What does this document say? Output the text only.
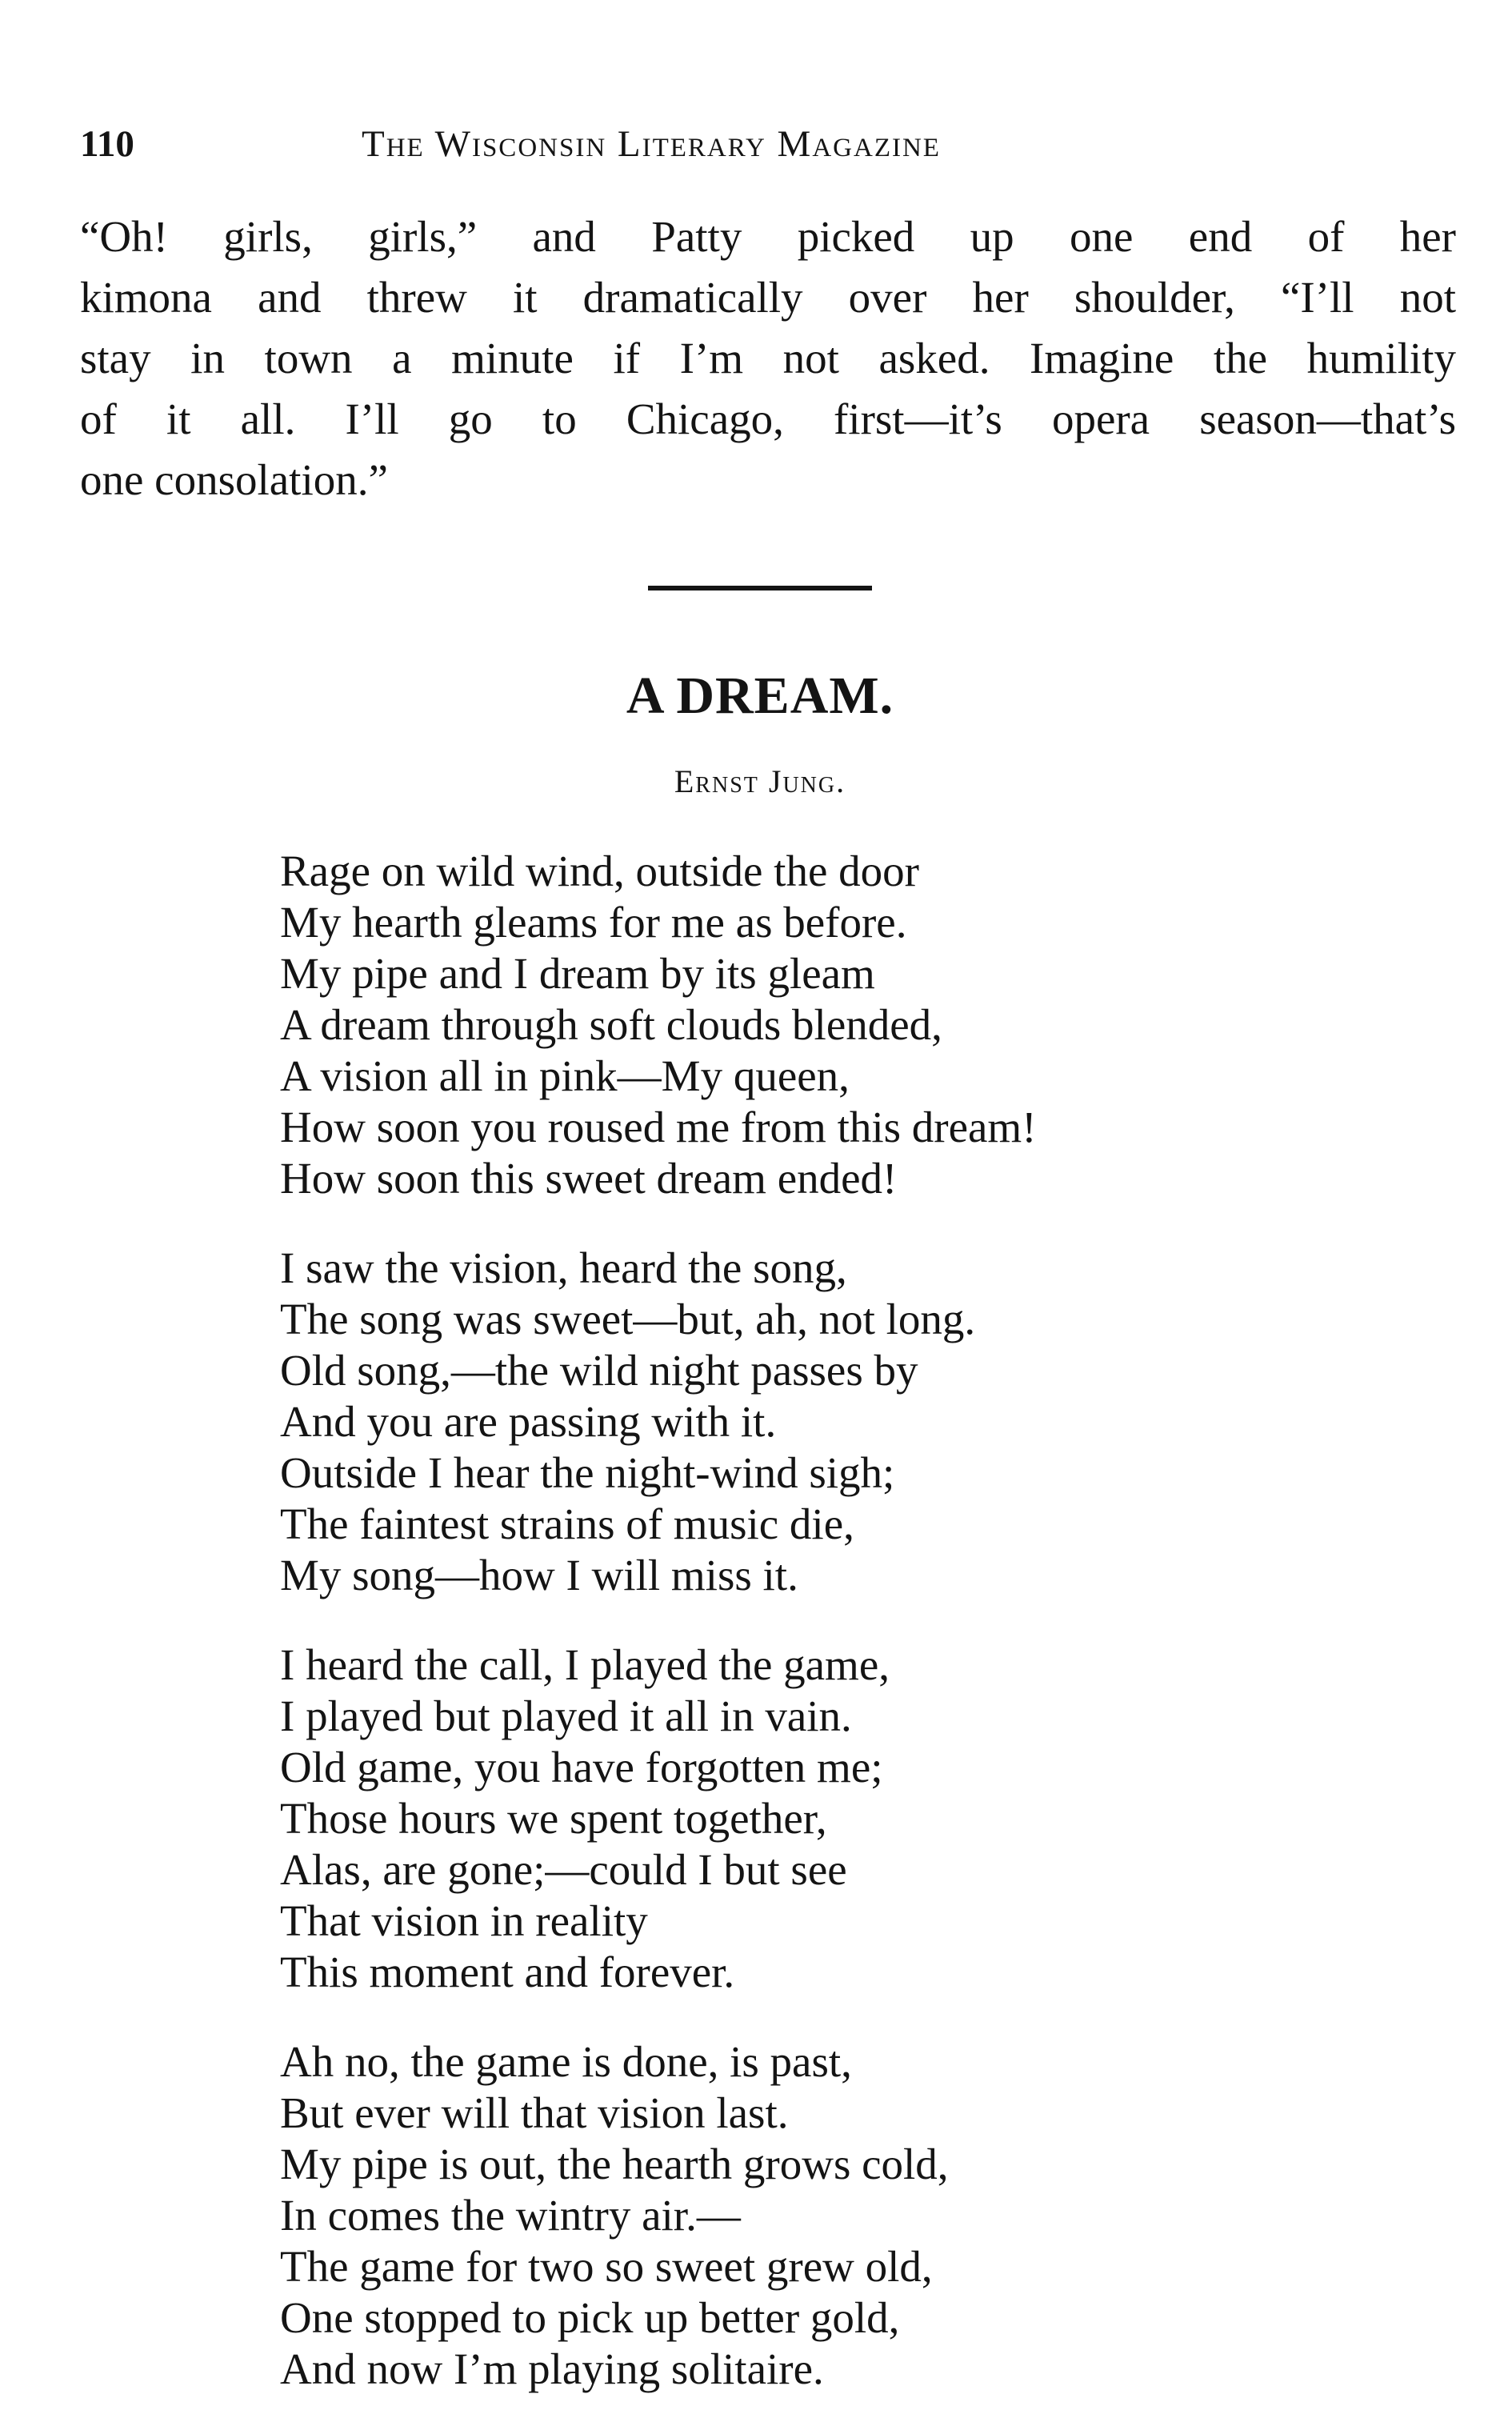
110	The Wisconsin Literary Magazine
“Oh! girls, girls,” and Patty picked up one end of her
kimona and threw it dramatically over her shoulder, “I’ll not
stay in town a minute if I’m not asked. Imagine the humility
of it all. I’ll go to Chicago, first—it’s opera season—that’s
one consolation.”
A DREAM.
Ernst Jung.
Rage on wild wind, outside the door
My hearth gleams for me as before.
My pipe and I dream by its gleam
A dream through soft clouds blended,
A vision all in pink—My queen,
How soon you roused me from this dream!
How soon this sweet dream ended!
I saw the vision, heard the song,
The song was sweet—but, ah, not long.
Old song,—the wild night passes by
And you are passing with it.
Outside I hear the night-wind sigh;
The faintest strains of music die,
My song—how I will miss it.
I heard the call, I played the game,
I played but played it all in vain.
Old game, you have forgotten me;
Those hours we spent together,
Alas, are gone;—could I but see
That vision in reality
This moment and forever.
Ah no, the game is done, is past,
But ever will that vision last.
My pipe is out, the hearth grows cold,
In comes the wintry air.—
The game for two so sweet grew old,
One stopped to pick up better gold,
And now I’m playing solitaire.
